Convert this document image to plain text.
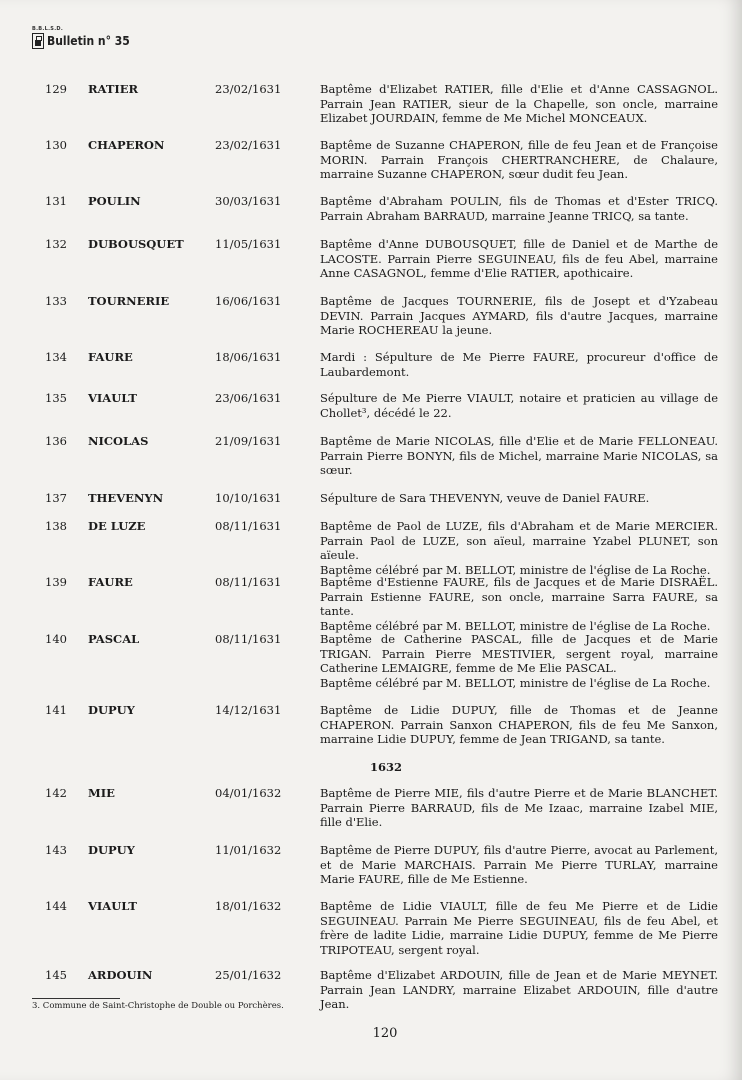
B.B.L.S.D.
Bulletin n° 35
129 RATIER	23/02/1631	Baptême d'Elizabet RATIER, fille d'Elie et d'Anne CASSAGNOL. Parrain Jean RATIER, sieur de la Chapelle, son oncle, marraine Elizabet JOURDAIN, femme de Me Michel MONCEAUX.
130 CHAPERON	23/02/1631	Baptême de Suzanne CHAPERON, fille de feu Jean et de Françoise MORIN. Parrain François CHERTRANCHERE, de Chalaure, marraine Suzanne CHAPERON, sœur dudit feu Jean.
131 POULIN	30/03/1631	Baptême d'Abraham POULIN, fils de Thomas et d'Ester TRICQ. Parrain Abraham BARRAUD, marraine Jeanne TRICQ, sa tante.
132 DUBOUSQUET	11/05/1631	Baptême d'Anne DUBOUSQUET, fille de Daniel et de Marthe de LACOSTE. Parrain Pierre SEGUINEAU, fils de feu Abel, marraine Anne CASAGNOL, femme d'Elie RATIER, apothicaire.
133 TOURNERIE	16/06/1631	Baptême de Jacques TOURNERIE, fils de Josept et d'Yzabeau DEVIN. Parrain Jacques AYMARD, fils d'autre Jacques, marraine Marie ROCHEREAU la jeune.
134 FAURE	18/06/1631	Mardi : Sépulture de Me Pierre FAURE, procureur d'office de Laubardemont.
135 VIAULT	23/06/1631	Sépulture de Me Pierre VIAULT, notaire et praticien au village de Chollet³, décédé le 22.
136 NICOLAS	21/09/1631	Baptême de Marie NICOLAS, fille d'Elie et de Marie FELLONEAU. Parrain Pierre BONYN, fils de Michel, marraine Marie NICOLAS, sa sœur.
137 THEVENYN	10/10/1631	Sépulture de Sara THEVENYN, veuve de Daniel FAURE.
138 DE LUZE	08/11/1631	Baptême de Paol de LUZE, fils d'Abraham et de Marie MERCIER. Parrain Paol de LUZE, son aïeul, marraine Yzabel PLUNET, son aïeule.
Baptême célébré par M. BELLOT, ministre de l'église de La Roche.
139 FAURE	08/11/1631	Baptême d'Estienne FAURE, fils de Jacques et de Marie DISRAËL. Parrain Estienne FAURE, son oncle, marraine Sarra FAURE, sa tante.
Baptême célébré par M. BELLOT, ministre de l'église de La Roche.
140 PASCAL	08/11/1631	Baptême de Catherine PASCAL, fille de Jacques et de Marie TRIGAN. Parrain Pierre MESTIVIER, sergent royal, marraine Catherine LEMAIGRE, femme de Me Elie PASCAL.
Baptême célébré par M. BELLOT, ministre de l'église de La Roche.
141 DUPUY	14/12/1631	Baptême de Lidie DUPUY, fille de Thomas et de Jeanne CHAPERON. Parrain Sanxon CHAPERON, fils de feu Me Sanxon, marraine Lidie DUPUY, femme de Jean TRIGAND, sa tante.
142 MIE	04/01/1632	Baptême de Pierre MIE, fils d'autre Pierre et de Marie BLANCHET. Parrain Pierre BARRAUD, fils de Me Izaac, marraine Izabel MIE, fille d'Elie.
143 DUPUY	11/01/1632	Baptême de Pierre DUPUY, fils d'autre Pierre, avocat au Parlement, et de Marie MARCHAIS. Parrain Me Pierre TURLAY, marraine Marie FAURE, fille de Me Estienne.
144 VIAULT	18/01/1632	Baptême de Lidie VIAULT, fille de feu Me Pierre et de Lidie SEGUINEAU. Parrain Me Pierre SEGUINEAU, fils de feu Abel, et frère de ladite Lidie, marraine Lidie DUPUY, femme de Me Pierre TRIPOTEAU, sergent royal.
145 ARDOUIN	25/01/1632	Baptême d'Elizabet ARDOUIN, fille de Jean et de Marie MEYNET. Parrain Jean LANDRY, marraine Elizabet ARDOUIN, fille d'autre Jean.
1632
3. Commune de Saint-Christophe de Double ou Porchères.
120
